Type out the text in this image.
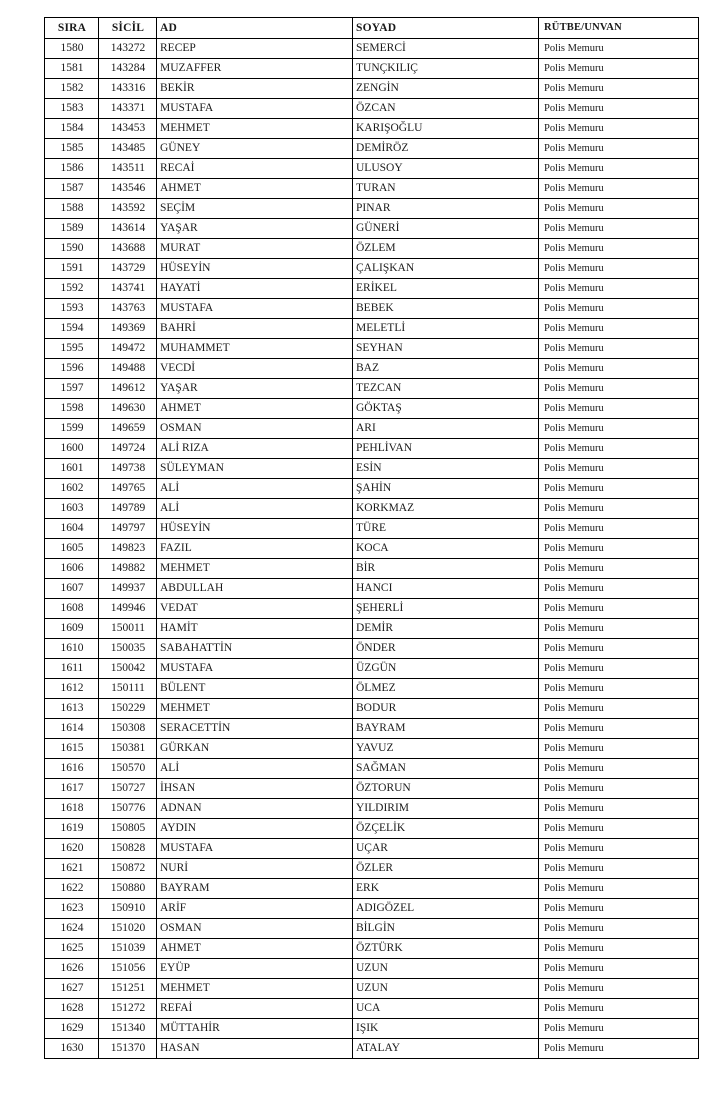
SIRA	SİCİL	AD	SOYAD	RÜTBE/UNVAN
1580	143272	RECEP	SEMERCİ	Polis Memuru
1581	143284	MUZAFFER	TUNÇKILIÇ	Polis Memuru
1582	143316	BEKİR	ZENGİN	Polis Memuru
1583	143371	MUSTAFA	ÖZCAN	Polis Memuru
1584	143453	MEHMET	KARIŞOĞLU	Polis Memuru
1585	143485	GÜNEY	DEMİRÖZ	Polis Memuru
1586	143511	RECAİ	ULUSOY	Polis Memuru
1587	143546	AHMET	TURAN	Polis Memuru
1588	143592	SEÇİM	PINAR	Polis Memuru
1589	143614	YAŞAR	GÜNERİ	Polis Memuru
1590	143688	MURAT	ÖZLEM	Polis Memuru
1591	143729	HÜSEYİN	ÇALIŞKAN	Polis Memuru
1592	143741	HAYATİ	ERİKEL	Polis Memuru
1593	143763	MUSTAFA	BEBEK	Polis Memuru
1594	149369	BAHRİ	MELETLİ	Polis Memuru
1595	149472	MUHAMMET	SEYHAN	Polis Memuru
1596	149488	VECDİ	BAZ	Polis Memuru
1597	149612	YAŞAR	TEZCAN	Polis Memuru
1598	149630	AHMET	GÖKTAŞ	Polis Memuru
1599	149659	OSMAN	ARI	Polis Memuru
1600	149724	ALİ RIZA	PEHLİVAN	Polis Memuru
1601	149738	SÜLEYMAN	ESİN	Polis Memuru
1602	149765	ALİ	ŞAHİN	Polis Memuru
1603	149789	ALİ	KORKMAZ	Polis Memuru
1604	149797	HÜSEYİN	TÜRE	Polis Memuru
1605	149823	FAZIL	KOCA	Polis Memuru
1606	149882	MEHMET	BİR	Polis Memuru
1607	149937	ABDULLAH	HANCI	Polis Memuru
1608	149946	VEDAT	ŞEHERLİ	Polis Memuru
1609	150011	HAMİT	DEMİR	Polis Memuru
1610	150035	SABAHATTİN	ÖNDER	Polis Memuru
1611	150042	MUSTAFA	ÜZGÜN	Polis Memuru
1612	150111	BÜLENT	ÖLMEZ	Polis Memuru
1613	150229	MEHMET	BODUR	Polis Memuru
1614	150308	SERACETTİN	BAYRAM	Polis Memuru
1615	150381	GÜRKAN	YAVUZ	Polis Memuru
1616	150570	ALİ	SAĞMAN	Polis Memuru
1617	150727	İHSAN	ÖZTORUN	Polis Memuru
1618	150776	ADNAN	YILDIRIM	Polis Memuru
1619	150805	AYDIN	ÖZÇELİK	Polis Memuru
1620	150828	MUSTAFA	UÇAR	Polis Memuru
1621	150872	NURİ	ÖZLER	Polis Memuru
1622	150880	BAYRAM	ERK	Polis Memuru
1623	150910	ARİF	ADIGÖZEL	Polis Memuru
1624	151020	OSMAN	BİLGİN	Polis Memuru
1625	151039	AHMET	ÖZTÜRK	Polis Memuru
1626	151056	EYÜP	UZUN	Polis Memuru
1627	151251	MEHMET	UZUN	Polis Memuru
1628	151272	REFAİ	UCA	Polis Memuru
1629	151340	MÜTTAHİR	IŞIK	Polis Memuru
1630	151370	HASAN	ATALAY	Polis Memuru
